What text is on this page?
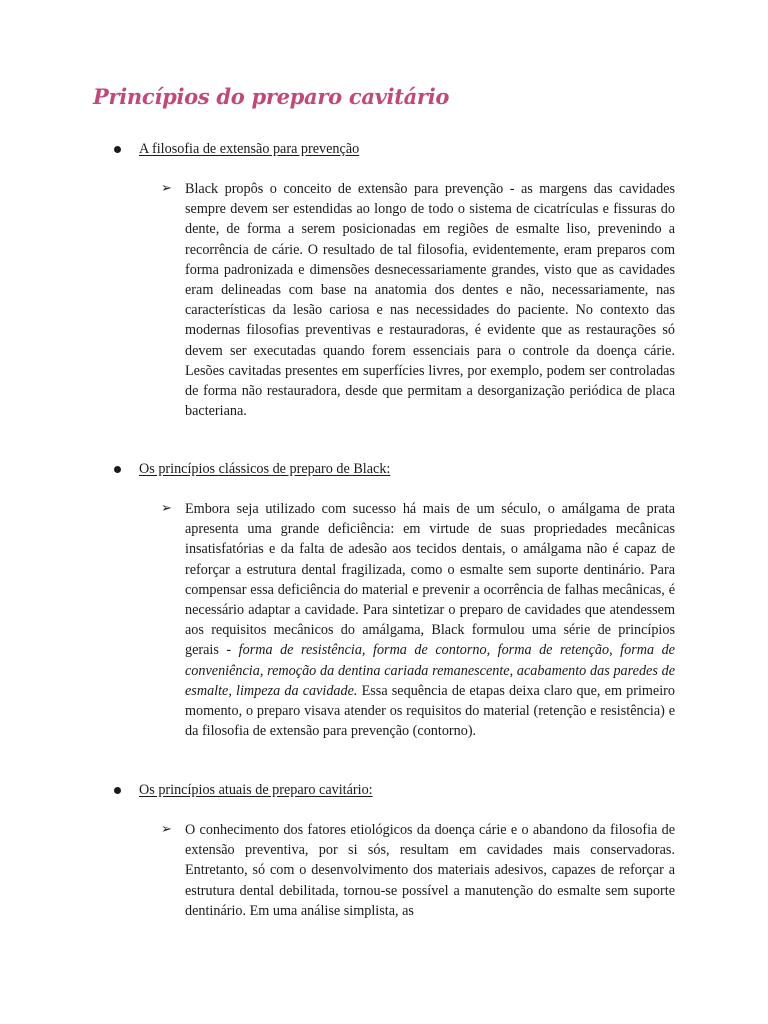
Princípios do preparo cavitário
A filosofia de extensão para prevenção
➢ Black propôs o conceito de extensão para prevenção - as margens das cavidades sempre devem ser estendidas ao longo de todo o sistema de cicatrículas e fissuras do dente, de forma a serem posicionadas em regiões de esmalte liso, prevenindo a recorrência de cárie. O resultado de tal filosofia, evidentemente, eram preparos com forma padronizada e dimensões desnecessariamente grandes, visto que as cavidades eram delineadas com base na anatomia dos dentes e não, necessariamente, nas características da lesão cariosa e nas necessidades do paciente. No contexto das modernas filosofias preventivas e restauradoras, é evidente que as restaurações só devem ser executadas quando forem essenciais para o controle da doença cárie. Lesões cavitadas presentes em superfícies livres, por exemplo, podem ser controladas de forma não restauradora, desde que permitam a desorganização periódica de placa bacteriana.

Os princípios clássicos de preparo de Black:
➢ Embora seja utilizado com sucesso há mais de um século, o amálgama de prata apresenta uma grande deficiência: em virtude de suas propriedades mecânicas insatisfatórias e da falta de adesão aos tecidos dentais, o amálgama não é capaz de reforçar a estrutura dental fragilizada, como o esmalte sem suporte dentinário. Para compensar essa deficiência do material e prevenir a ocorrência de falhas mecânicas, é necessário adaptar a cavidade. Para sintetizar o preparo de cavidades que atendessem aos requisitos mecânicos do amálgama, Black formulou uma série de princípios gerais - forma de resistência, forma de contorno, forma de retenção, forma de conveniência, remoção da dentina cariada remanescente, acabamento das paredes de esmalte, limpeza da cavidade. Essa sequência de etapas deixa claro que, em primeiro momento, o preparo visava atender os requisitos do material (retenção e resistência) e da filosofia de extensão para prevenção (contorno).

Os princípios atuais de preparo cavitário:
➢ O conhecimento dos fatores etiológicos da doença cárie e o abandono da filosofia de extensão preventiva, por si sós, resultam em cavidades mais conservadoras. Entretanto, só com o desenvolvimento dos materiais adesivos, capazes de reforçar a estrutura dental debilitada, tornou-se possível a manutenção do esmalte sem suporte dentinário. Em uma análise simplista, as
